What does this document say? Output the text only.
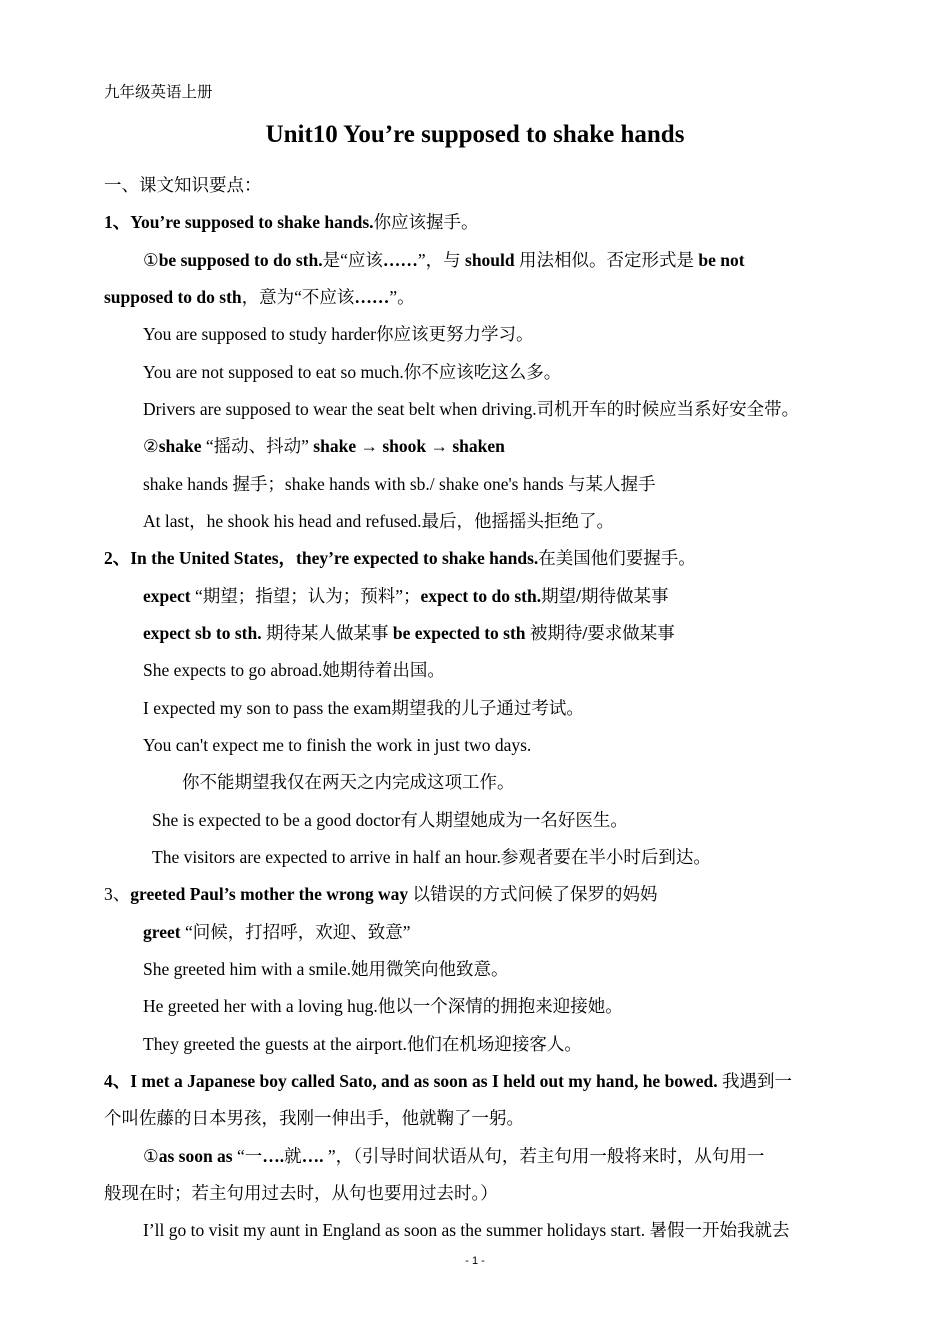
九年级英语上册
Unit10 You’re supposed to shake hands
一、课文知识要点：
1、You’re supposed to shake hands.你应该握手。
①be supposed to do sth.是“应该……”，与 should 用法相似。否定形式是 be not
supposed to do sth，意为“不应该……”。
You are supposed to study harder你应该更努力学习。
You are not supposed to eat so much.你不应该吃这么多。
Drivers are supposed to wear the seat belt when driving.司机开车的时候应当系好安全带。
②shake “摇动、抖动” shake → shook → shaken
shake hands 握手；shake hands with sb./ shake one's hands 与某人握手
At last，he shook his head and refused.最后，他摇摇头拒绝了。
2、In the United States，they’re expected to shake hands.在美国他们要握手。
expect “期望；指望；认为；预料”；expect to do sth.期望/期待做某事
expect sb to sth. 期待某人做某事 be expected to sth 被期待/要求做某事
She expects to go abroad.她期待着出国。
I expected my son to pass the exam期望我的儿子通过考试。
You can't expect me to finish the work in just two days.
你不能期望我仅在两天之内完成这项工作。
She is expected to be a good doctor有人期望她成为一名好医生。
The visitors are expected to arrive in half an hour.参观者要在半小时后到达。
3、greeted Paul’s mother the wrong way 以错误的方式问候了保罗的妈妈
greet “问候，打招呼，欢迎、致意”
She greeted him with a smile.她用微笑向他致意。
He greeted her with a loving hug.他以一个深情的拥抱来迎接她。
They greeted the guests at the airport.他们在机场迎接客人。
4、I met a Japanese boy called Sato, and as soon as I held out my hand, he bowed. 我遇到一
个叫佐藤的日本男孩，我刚一伸出手，他就鞠了一躬。
①as soon as “一….就…. ”，（引导时间状语从句，若主句用一般将来时，从句用一
般现在时；若主句用过去时，从句也要用过去时。）
I’ll go to visit my aunt in England as soon as the summer holidays start. 暑假一开始我就去
- 1 -
